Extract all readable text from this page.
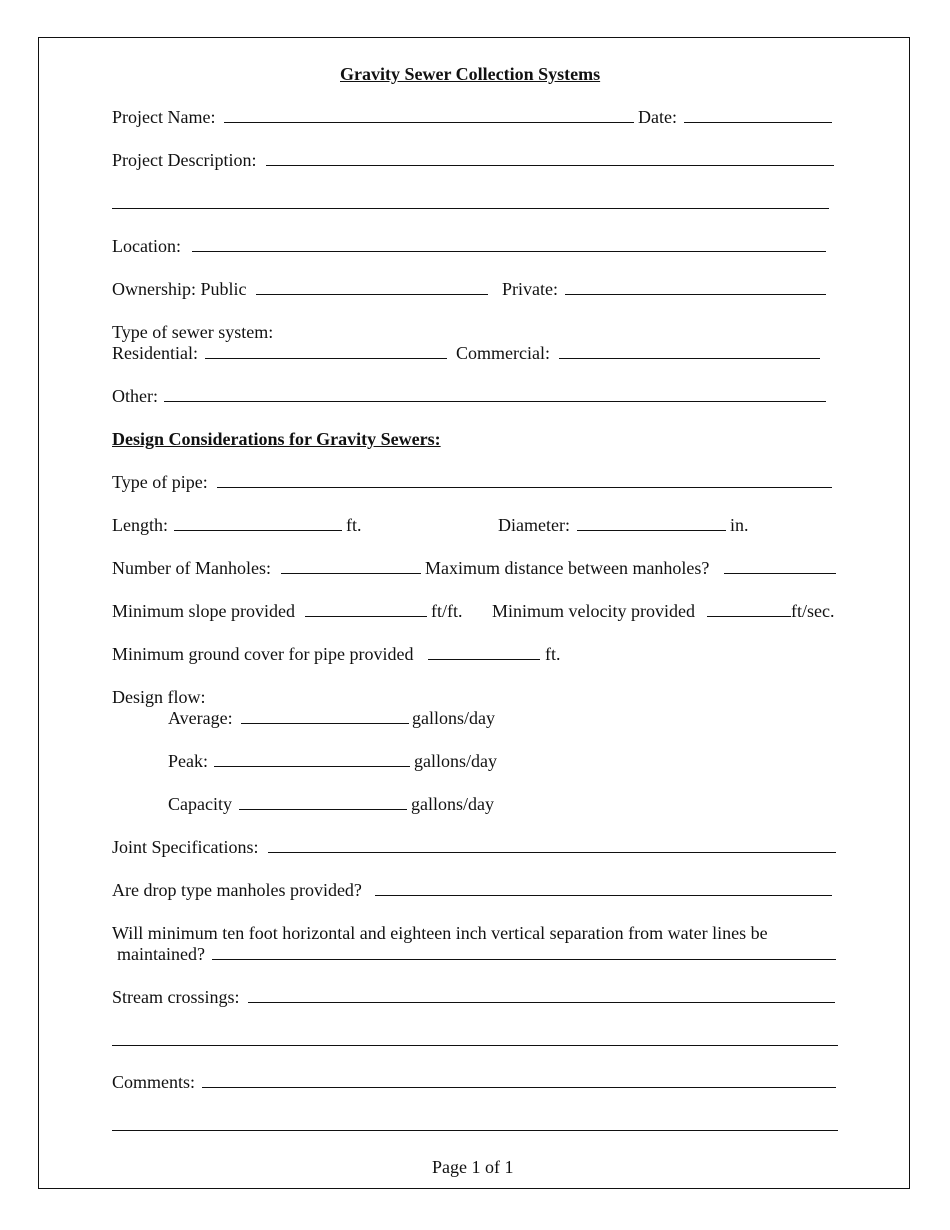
Gravity Sewer Collection Systems
Project Name:	Date:
Project Description:
Location:
Ownership: Public	Private:
Type of sewer system:
Residential:	Commercial:
Other:
Design Considerations for Gravity Sewers:
Type of pipe:
Length:	ft.	Diameter:	in.
Number of Manholes:	Maximum distance between manholes?
Minimum slope provided	ft/ft. Minimum velocity provided	ft/sec.
Minimum ground cover for pipe provided	ft.
Design flow:
Average:	gallons/day
Peak:	gallons/day
Capacity	gallons/day
Joint Specifications:
Are drop type manholes provided?
Will minimum ten foot horizontal and eighteen inch vertical separation from water lines be
maintained?
Stream crossings:
Comments:
Page 1 of 1
